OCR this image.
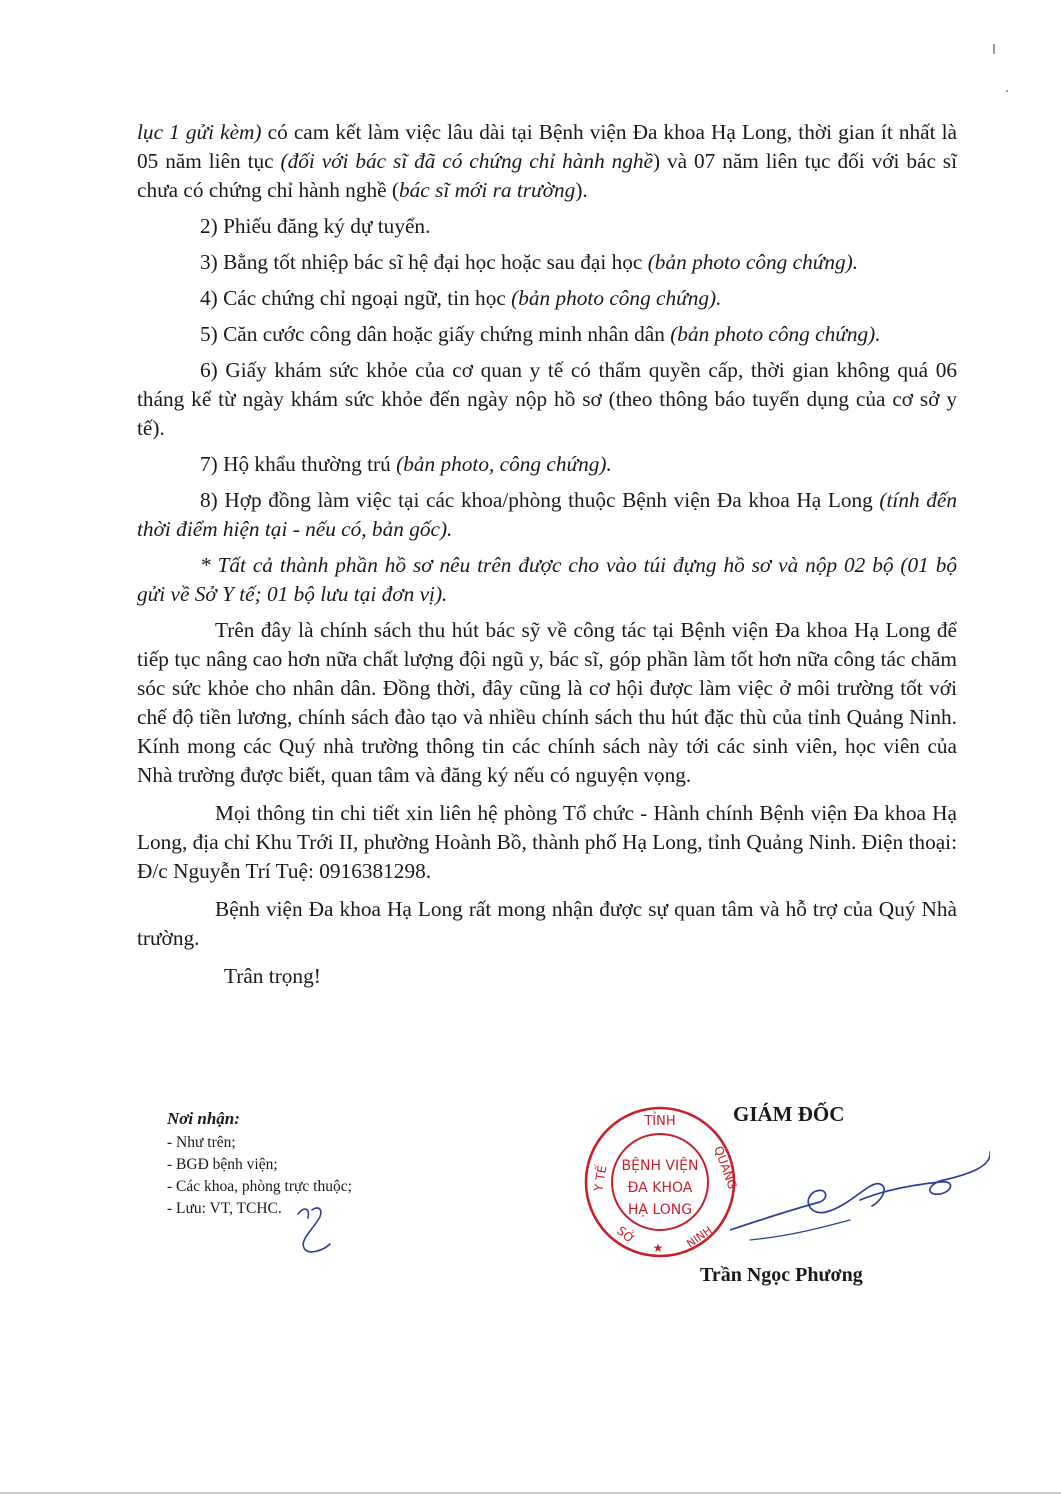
lục 1 gửi kèm) có cam kết làm việc lâu dài tại Bệnh viện Đa khoa Hạ Long, thời gian ít nhất là 05 năm liên tục (đối với bác sĩ đã có chứng chỉ hành nghề) và 07 năm liên tục đối với bác sĩ chưa có chứng chỉ hành nghề (bác sĩ mới ra trường).

2) Phiếu đăng ký dự tuyển.

3) Bằng tốt nhiệp bác sĩ hệ đại học hoặc sau đại học (bản photo công chứng).

4) Các chứng chỉ ngoại ngữ, tin học (bản photo công chứng).

5) Căn cước công dân hoặc giấy chứng minh nhân dân (bản photo công chứng).

6) Giấy khám sức khỏe của cơ quan y tế có thẩm quyền cấp, thời gian không quá 06 tháng kể từ ngày khám sức khỏe đến ngày nộp hồ sơ (theo thông báo tuyển dụng của cơ sở y tế).

7) Hộ khẩu thường trú (bản photo, công chứng).

8) Hợp đồng làm việc tại các khoa/phòng thuộc Bệnh viện Đa khoa Hạ Long (tính đến thời điểm hiện tại - nếu có, bản gốc).

* Tất cả thành phần hồ sơ nêu trên được cho vào túi đựng hồ sơ và nộp 02 bộ (01 bộ gửi về Sở Y tế; 01 bộ lưu tại đơn vị).

Trên đây là chính sách thu hút bác sỹ về công tác tại Bệnh viện Đa khoa Hạ Long để tiếp tục nâng cao hơn nữa chất lượng đội ngũ y, bác sĩ, góp phần làm tốt hơn nữa công tác chăm sóc sức khỏe cho nhân dân. Đồng thời, đây cũng là cơ hội được làm việc ở môi trường tốt với chế độ tiền lương, chính sách đào tạo và nhiều chính sách thu hút đặc thù của tỉnh Quảng Ninh. Kính mong các Quý nhà trường thông tin các chính sách này tới các sinh viên, học viên của Nhà trường được biết, quan tâm và đăng ký nếu có nguyện vọng.

Mọi thông tin chi tiết xin liên hệ phòng Tổ chức - Hành chính Bệnh viện Đa khoa Hạ Long, địa chỉ Khu Trới II, phường Hoành Bồ, thành phố Hạ Long, tỉnh Quảng Ninh. Điện thoại: Đ/c Nguyễn Trí Tuệ: 0916381298.

Bệnh viện Đa khoa Hạ Long rất mong nhận được sự quan tâm và hỗ trợ của Quý Nhà trường.

Trân trọng!

Nơi nhận:
- Như trên;
- BGĐ bệnh viện;
- Các khoa, phòng trực thuộc;
- Lưu: VT, TCHC.
GIÁM ĐỐC
TỈNH
QUẢNG
Y TẾ
SỞ	NINH
BỆNH VIỆN
ĐA KHOA
HẠ LONG
★
Trần Ngọc Phương
